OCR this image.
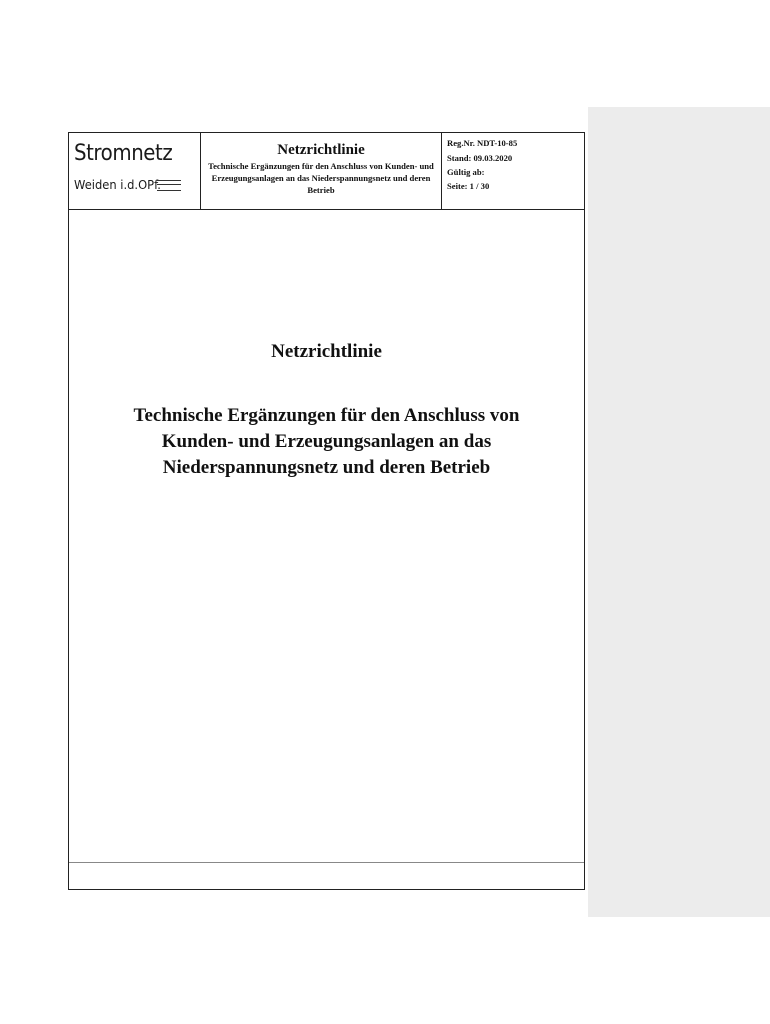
Stromnetz
Weiden i.d.OPf.
Netzrichtlinie
Technische Ergänzungen für den Anschluss von Kunden- und Erzeugungsanlagen an das Niederspannungsnetz und deren Betrieb
Reg.Nr. NDT-10-85
Stand: 09.03.2020
Gültig ab:
Seite: 1 / 30
Netzrichtlinie
Technische Ergänzungen für den Anschluss von
Kunden- und Erzeugungsanlagen an das
Niederspannungsnetz und deren Betrieb
